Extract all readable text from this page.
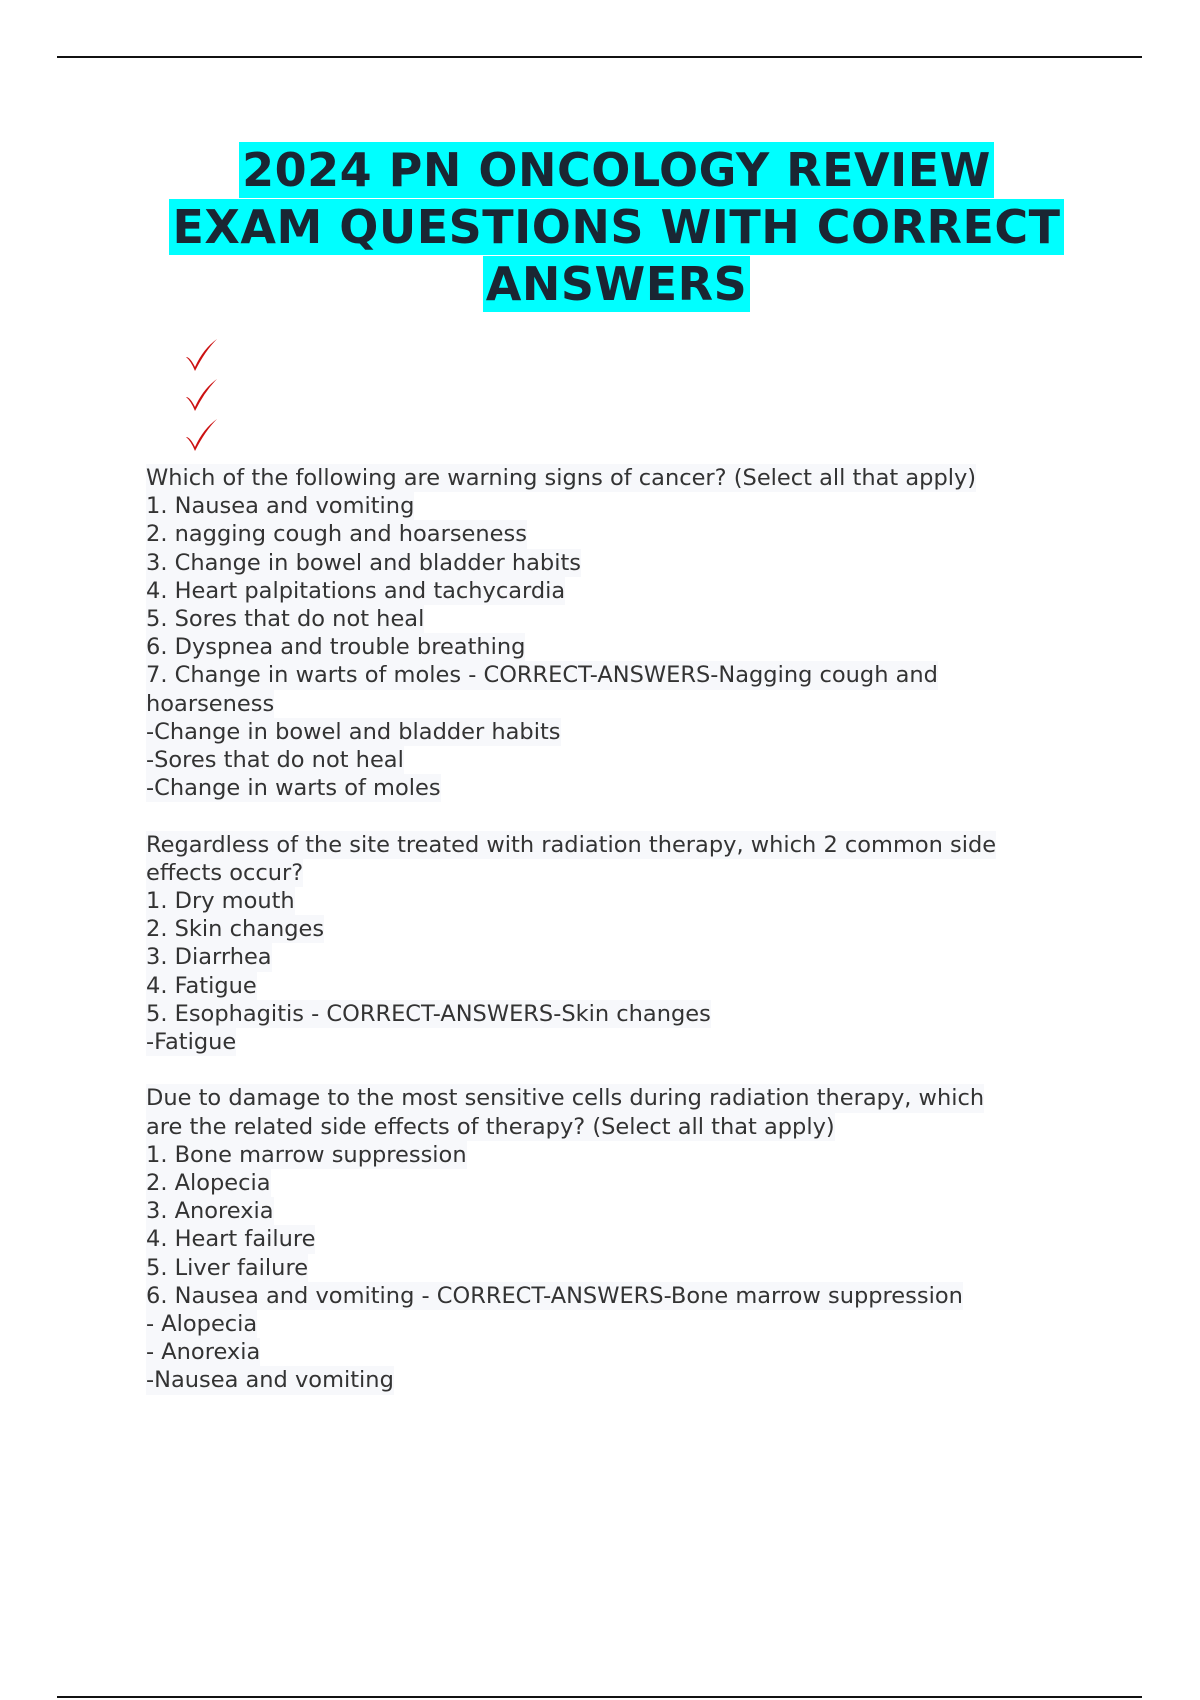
2024 PN ONCOLOGY REVIEW
EXAM QUESTIONS WITH CORRECT
ANSWERS
Which of the following are warning signs of cancer? (Select all that apply)
1. Nausea and vomiting
2. nagging cough and hoarseness
3. Change in bowel and bladder habits
4. Heart palpitations and tachycardia
5. Sores that do not heal
6. Dyspnea and trouble breathing
7. Change in warts of moles - CORRECT-ANSWERS-Nagging cough and
hoarseness
-Change in bowel and bladder habits
-Sores that do not heal
-Change in warts of moles
Regardless of the site treated with radiation therapy, which 2 common side
effects occur?
1. Dry mouth
2. Skin changes
3. Diarrhea
4. Fatigue
5. Esophagitis - CORRECT-ANSWERS-Skin changes
-Fatigue
Due to damage to the most sensitive cells during radiation therapy, which
are the related side effects of therapy? (Select all that apply)
1. Bone marrow suppression
2. Alopecia
3. Anorexia
4. Heart failure
5. Liver failure
6. Nausea and vomiting - CORRECT-ANSWERS-Bone marrow suppression
- Alopecia
- Anorexia
-Nausea and vomiting
